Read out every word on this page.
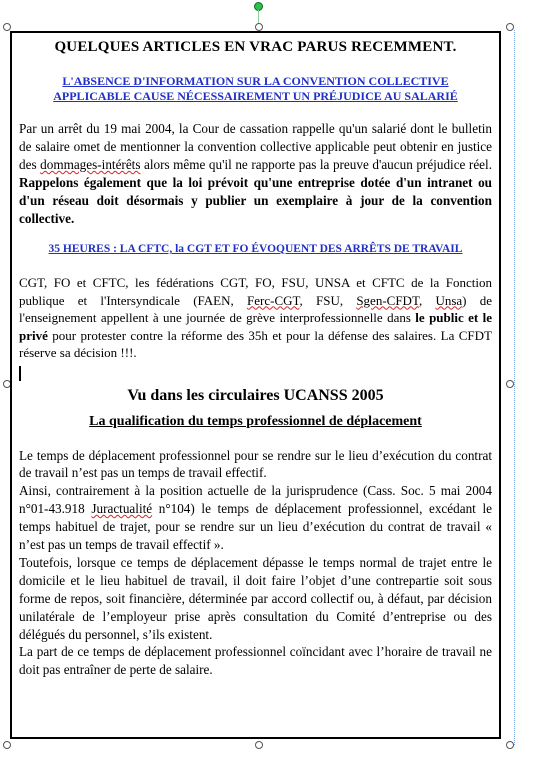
QUELQUES ARTICLES EN VRAC PARUS RECEMMENT.
L'ABSENCE D'INFORMATION SUR LA CONVENTION COLLECTIVE
APPLICABLE CAUSE NÉCESSAIREMENT UN PRÉJUDICE AU SALARIÉ

Par un arrêt du 19 mai 2004, la Cour de cassation rappelle qu'un salarié dont le bulletin de salaire omet de mentionner la convention collective applicable peut obtenir en justice des dommages-intérêts alors même qu'il ne rapporte pas la preuve d'aucun préjudice réel. Rappelons également que la loi prévoit qu'une entreprise dotée d'un intranet ou d'un réseau doit désormais y publier un exemplaire à jour de la convention collective.

35 HEURES : LA CFTC, la CGT ET FO ÉVOQUENT DES ARRÊTS DE TRAVAIL

CGT, FO et CFTC, les fédérations CGT, FO, FSU, UNSA et CFTC de la Fonction publique et l'Intersyndicale (FAEN, Ferc-CGT, FSU, Sgen-CFDT, Unsa) de l'enseignement appellent à une journée de grève interprofessionnelle dans le public et le privé pour protester contre la réforme des 35h et pour la défense des salaires. La CFDT réserve sa décision !!!.

Vu dans les circulaires UCANSS 2005
La qualification du temps professionnel de déplacement

Le temps de déplacement professionnel pour se rendre sur le lieu d’exécution du contrat de travail n’est pas un temps de travail effectif.

Ainsi, contrairement à la position actuelle de la jurisprudence (Cass. Soc. 5 mai 2004 n°01-43.918 Juractualité n°104) le temps de déplacement professionnel, excédant le temps habituel de trajet, pour se rendre sur un lieu d’exécution du contrat de travail « n’est pas un temps de travail effectif ».

Toutefois, lorsque ce temps de déplacement dépasse le temps normal de trajet entre le domicile et le lieu habituel de travail, il doit faire l’objet d’une contrepartie soit sous forme de repos, soit financière, déterminée par accord collectif ou, à défaut, par décision unilatérale de l’employeur prise après consultation du Comité d’entreprise ou des délégués du personnel, s’ils existent.

La part de ce temps de déplacement professionnel coïncidant avec l’horaire de travail ne doit pas entraîner de perte de salaire.
